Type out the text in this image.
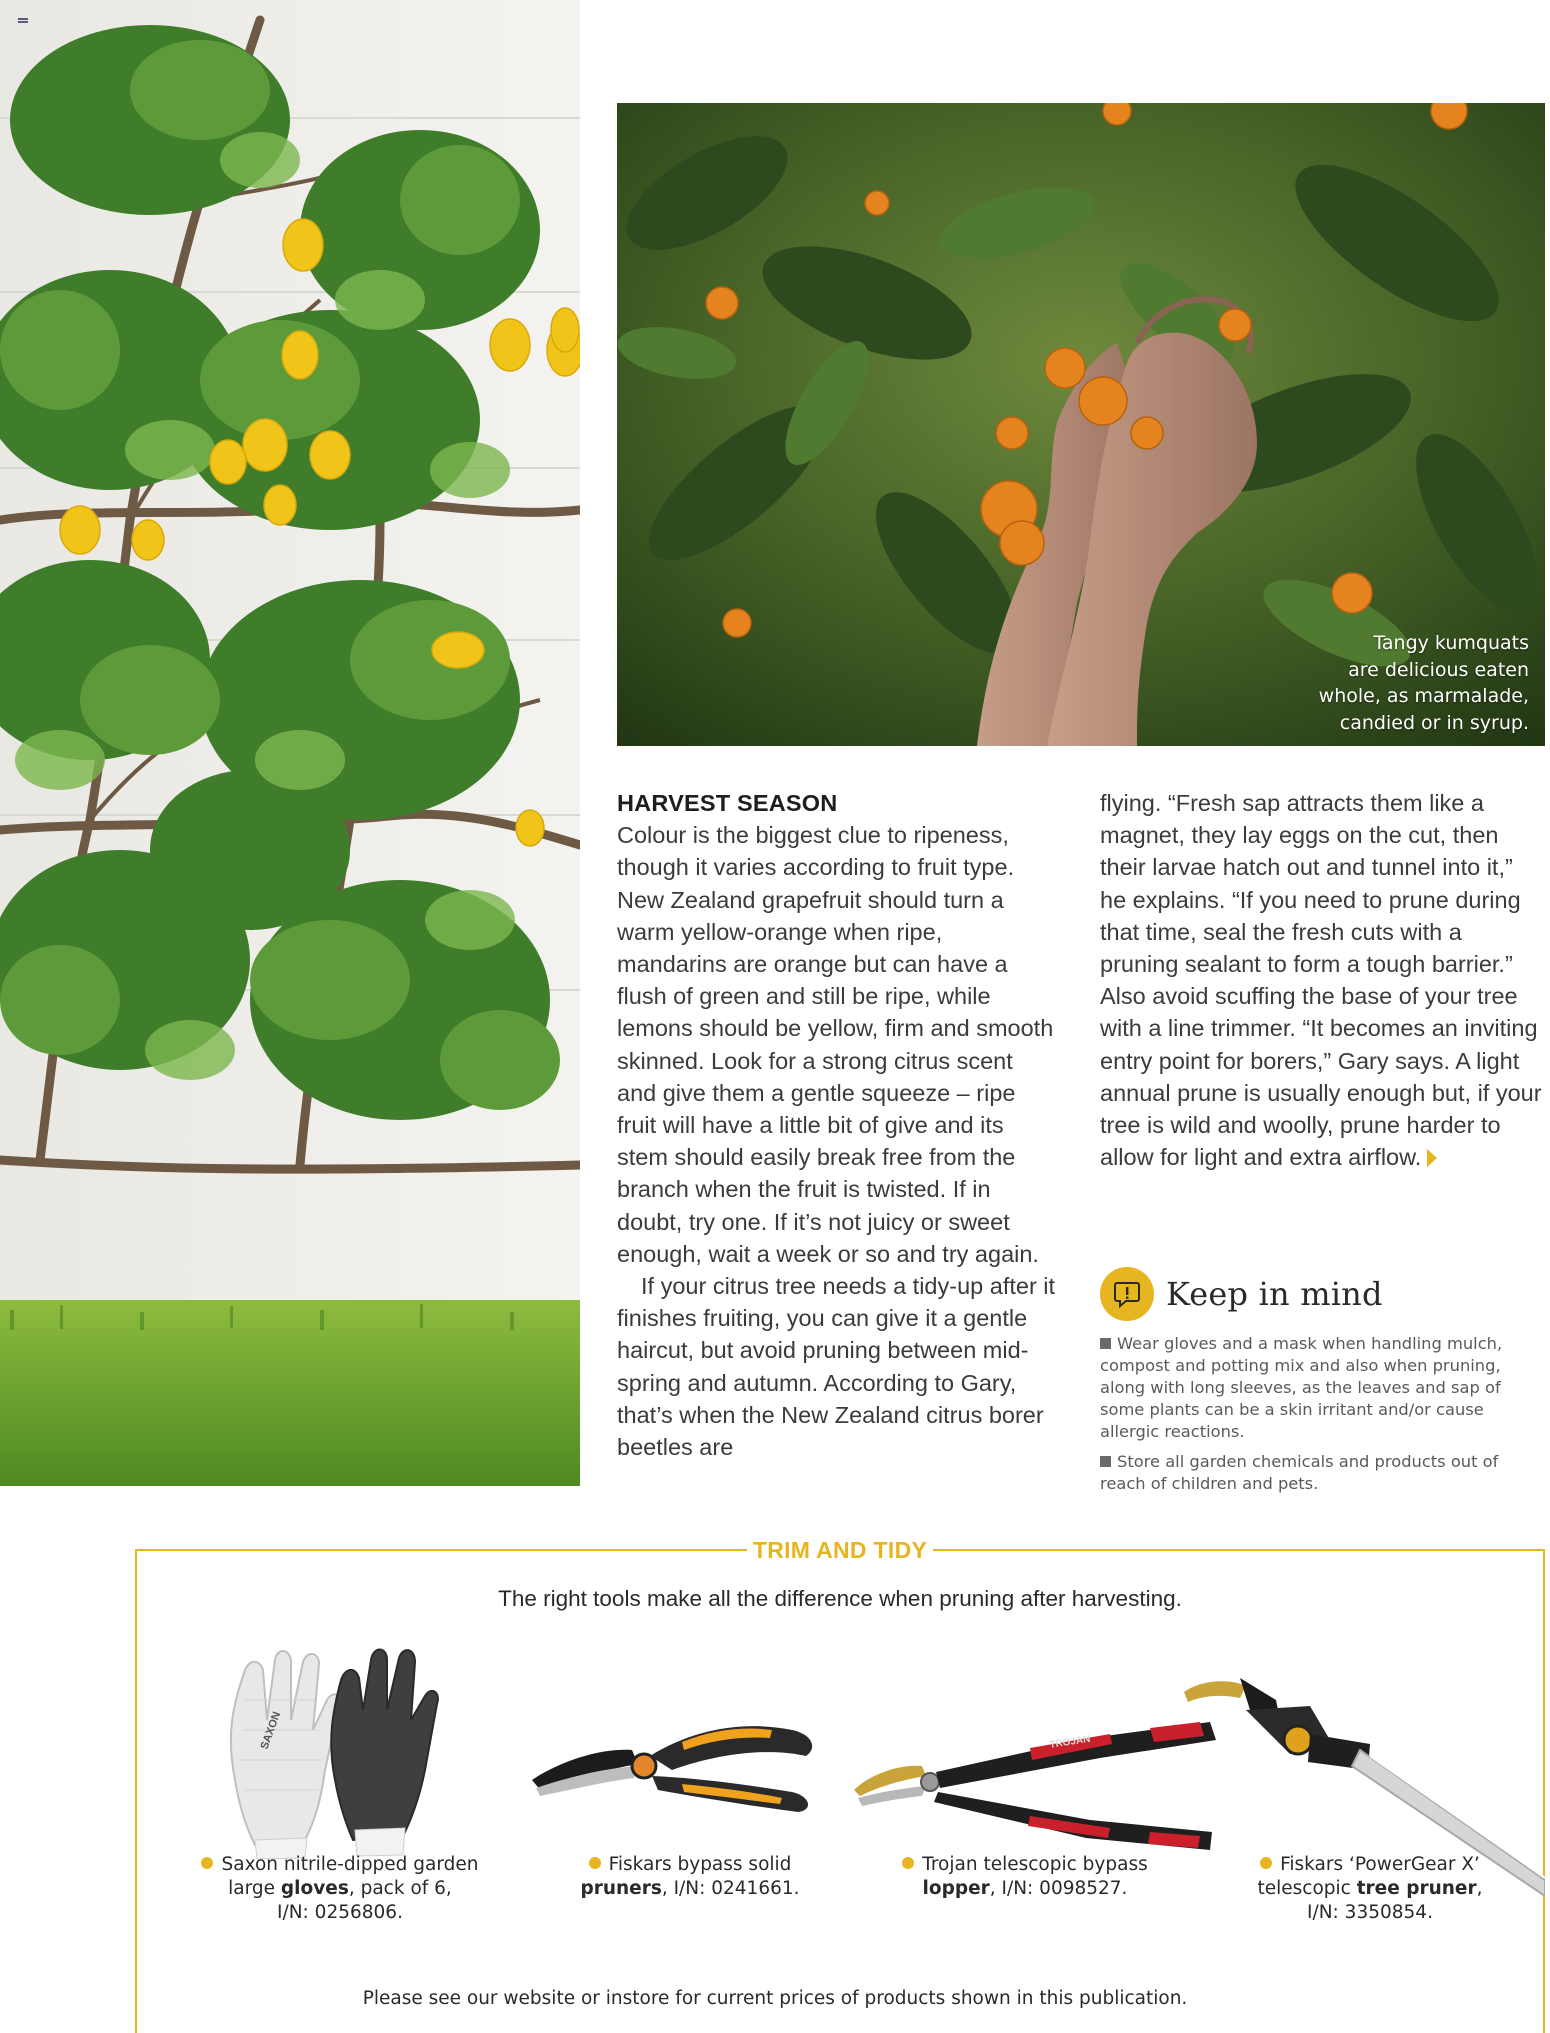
Tangy kumquats
are delicious eaten
whole, as marmalade,
candied or in syrup.
HARVEST SEASON
Colour is the biggest clue to ripeness, though it varies according to fruit type. New Zealand grapefruit should turn a warm yellow-orange when ripe, mandarins are orange but can have a flush of green and still be ripe, while lemons should be yellow, firm and smooth skinned. Look for a strong citrus scent and give them a gentle squeeze – ripe fruit will have a little bit of give and its stem should easily break free from the branch when the fruit is twisted. If in doubt, try one. If it’s not juicy or sweet enough, wait a week or so and try again.
If your citrus tree needs a tidy-up after it finishes fruiting, you can give it a gentle haircut, but avoid pruning between mid-spring and autumn. According to Gary, that’s when the New Zealand citrus borer beetles are
flying. “Fresh sap attracts them like a magnet, they lay eggs on the cut, then their larvae hatch out and tunnel into it,” he explains. “If you need to prune during that time, seal the fresh cuts with a pruning sealant to form a tough barrier.” Also avoid scuffing the base of your tree with a line trimmer. “It becomes an inviting entry point for borers,” Gary says. A light annual prune is usually enough but, if your tree is wild and woolly, prune harder to allow for light and extra airflow.
Keep in mind
Wear gloves and a mask when handling mulch, compost and potting mix and also when pruning, along with long sleeves, as the leaves and sap of some plants can be a skin irritant and/or cause allergic reactions.
Store all garden chemicals and products out of reach of children and pets.
TRIM AND TIDY
The right tools make all the difference when pruning after harvesting.
SAXON	TROJAN
Saxon nitrile-dipped garden
large gloves, pack of 6,
I/N: 0256806.
Fiskars bypass solid
pruners, I/N: 0241661.
Trojan telescopic bypass
lopper, I/N: 0098527.
Fiskars ‘PowerGear X’
telescopic tree pruner,
I/N: 3350854.
Please see our website or instore for current prices of products shown in this publication.
